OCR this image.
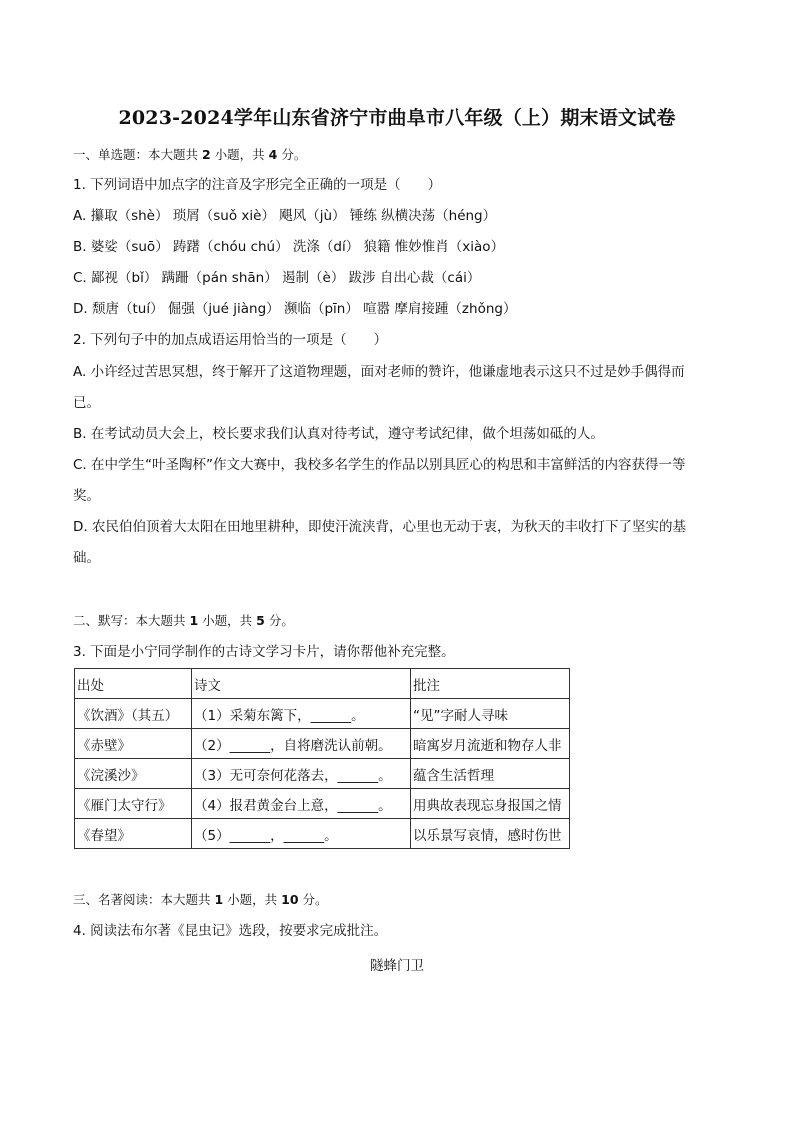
2023-2024学年山东省济宁市曲阜市八年级（上）期末语文试卷
一、单选题：本大题共 2 小题，共 4 分。
1. 下列词语中加点字的注音及字形完全正确的一项是（　　）
A. 攥取（shè） 琐屑（suǒ xiè） 飓风（jù） 锤练 纵横决荡（héng）
B. 婆娑（suō） 踌躇（chóu chú） 洗涤（dí） 狼籍 惟妙惟肖（xiào）
C. 鄙视（bǐ） 蹒跚（pán shān） 遏制（è） 跋涉 自出心裁（cái）
D. 颓唐（tuí） 倔强（jué jiàng） 濒临（pīn） 喧嚣 摩肩接踵（zhǒng）
2. 下列句子中的加点成语运用恰当的一项是（　　）
A. 小许经过苦思冥想，终于解开了这道物理题，面对老师的赞许，他谦虚地表示这只不过是妙手偶得而
已。
B. 在考试动员大会上，校长要求我们认真对待考试，遵守考试纪律，做个坦荡如砥的人。
C. 在中学生“叶圣陶杯”作文大赛中，我校多名学生的作品以别具匠心的构思和丰富鲜活的内容获得一等
奖。
D. 农民伯伯顶着大太阳在田地里耕种，即使汗流浃背，心里也无动于衷，为秋天的丰收打下了坚实的基
础。
二、默写：本大题共 1 小题，共 5 分。
3. 下面是小宁同学制作的古诗文学习卡片，请你帮他补充完整。
出处	诗文	批注
《饮酒》（其五）	（1）采菊东篱下，______。	“见”字耐人寻味
《赤壁》	（2）______，自将磨洗认前朝。	暗寓岁月流逝和物存人非
《浣溪沙》	（3）无可奈何花落去，______。	蕴含生活哲理
《雁门太守行》	（4）报君黄金台上意，______。	用典故表现忘身报国之情
《春望》	（5）______，______。	以乐景写哀情，感时伤世
三、名著阅读：本大题共 1 小题，共 10 分。
4. 阅读法布尔著《昆虫记》选段，按要求完成批注。
隧蜂门卫
